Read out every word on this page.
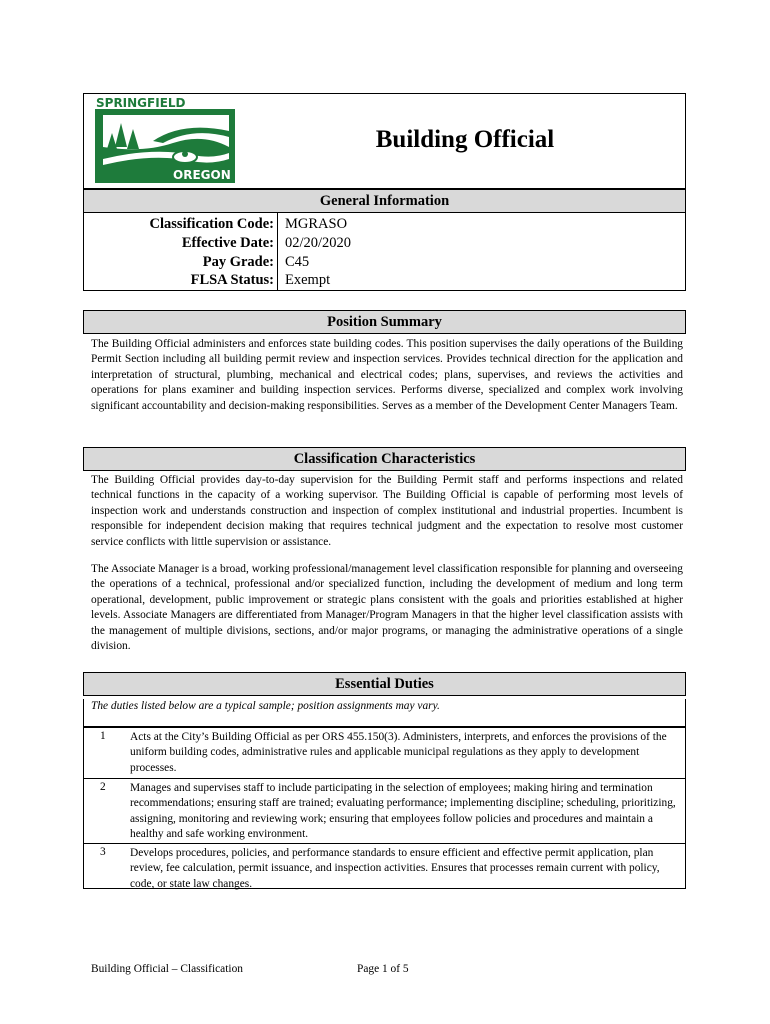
SPRINGFIELD
OREGON
Building Official
General Information
Classification Code: MGRASO
Effective Date: 02/20/2020
Pay Grade: C45
FLSA Status: Exempt
Position Summary

The Building Official administers and enforces state building codes. This position supervises the daily operations of the Building Permit Section including all building permit review and inspection services. Provides technical direction for the application and interpretation of structural, plumbing, mechanical and electrical codes; plans, supervises, and reviews the activities and operations for plans examiner and building inspection services. Performs diverse, specialized and complex work involving significant accountability and decision-making responsibilities. Serves as a member of the Development Center Managers Team.

Classification Characteristics

The Building Official provides day-to-day supervision for the Building Permit staff and performs inspections and related technical functions in the capacity of a working supervisor. The Building Official is capable of performing most levels of inspection work and understands construction and inspection of complex institutional and industrial properties. Incumbent is responsible for independent decision making that requires technical judgment and the expectation to resolve most customer service conflicts with little supervision or assistance.

The Associate Manager is a broad, working professional/management level classification responsible for planning and overseeing the operations of a technical, professional and/or specialized function, including the development of medium and long term operational, development, public improvement or strategic plans consistent with the goals and priorities established at higher levels. Associate Managers are differentiated from Manager/Program Managers in that the higher level classification assists with the management of multiple divisions, sections, and/or major programs, or managing the administrative operations of a single division.

Essential Duties
The duties listed below are a typical sample; position assignments may vary.
1 Acts at the City’s Building Official as per ORS 455.150(3). Administers, interprets, and enforces the provisions of the uniform building codes, administrative rules and applicable municipal regulations as they apply to development processes.
2 Manages and supervises staff to include participating in the selection of employees; making hiring and termination recommendations; ensuring staff are trained; evaluating performance; implementing discipline; scheduling, prioritizing, assigning, monitoring and reviewing work; ensuring that employees follow policies and procedures and maintain a healthy and safe working environment.
3 Develops procedures, policies, and performance standards to ensure efficient and effective permit application, plan review, fee calculation, permit issuance, and inspection activities. Ensures that processes remain current with policy, code, or state law changes.
Building Official – Classification	Page 1 of 5
